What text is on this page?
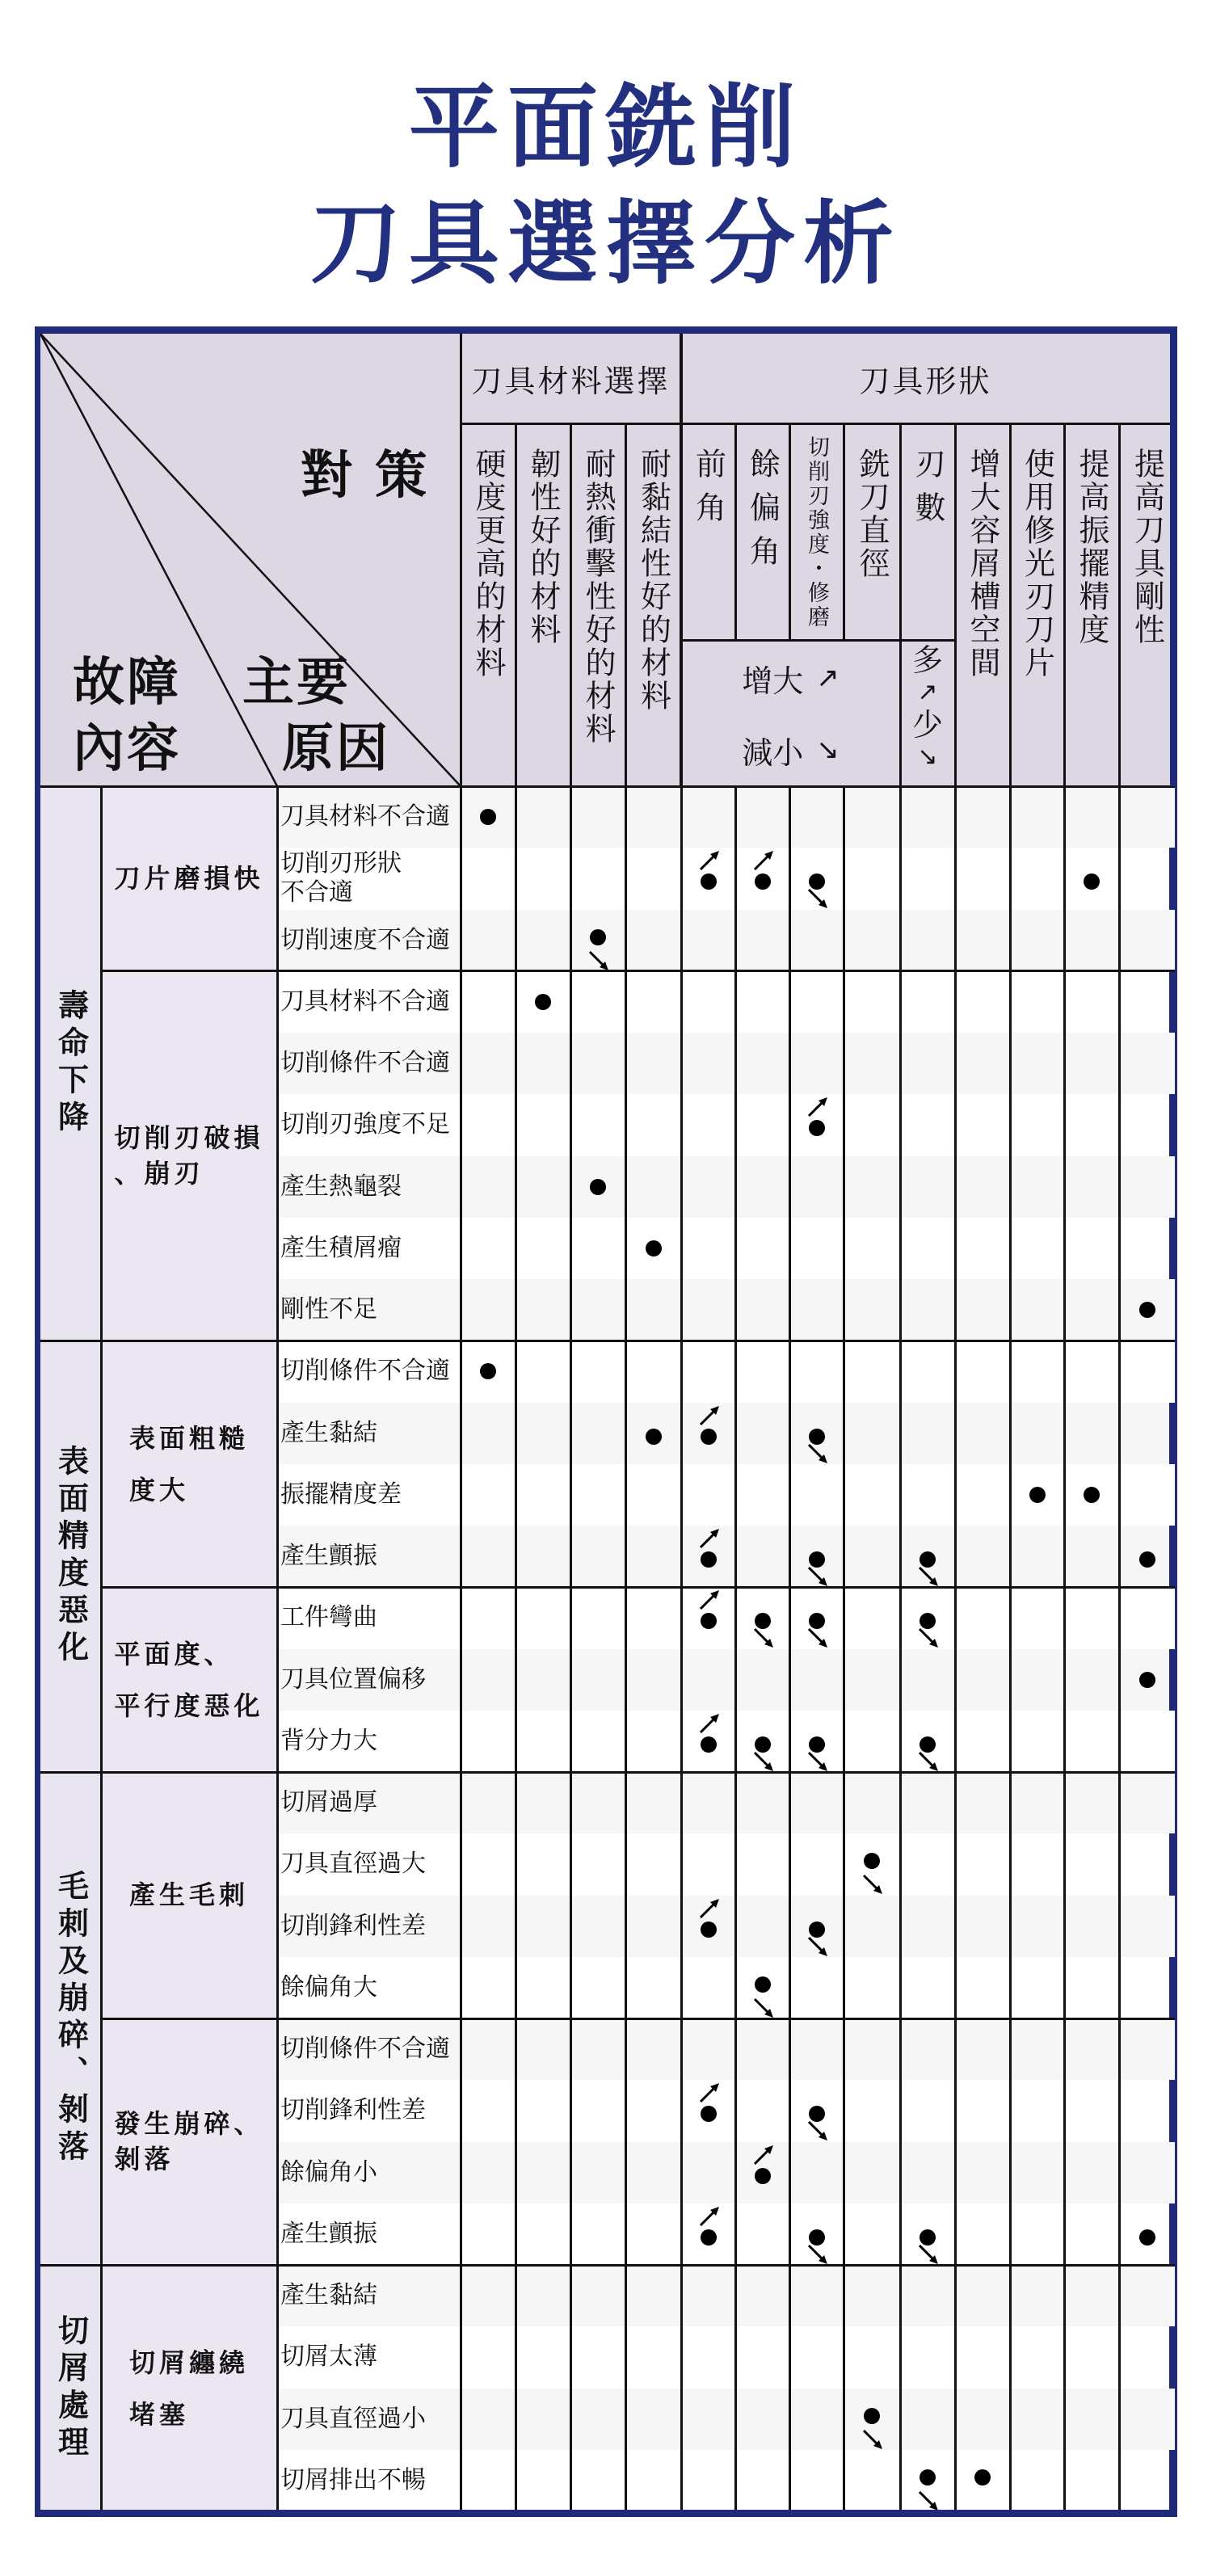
平面銑削
刀具選擇分析
刀具材料不合適
切削刃形狀
不合適
切削速度不合適
刀具材料不合適
切削條件不合適
切削刃強度不足
產生熱龜裂
產生積屑瘤
剛性不足
切削條件不合適
產生黏結
振擺精度差
產生顫振
工件彎曲
刀具位置偏移
背分力大
切屑過厚
刀具直徑過大
切削鋒利性差
餘偏角大
切削條件不合適
切削鋒利性差
餘偏角小
產生顫振
產生黏結
切屑太薄
刀具直徑過小
切屑排出不暢
對 策
故障
內容
主要
原因
刀具材料選擇	刀具形狀
硬度更高的材料 韌性好的材料 耐熱衝擊性好的材料 耐黏結性好的材料 前角 餘偏角 切削刃強度・修磨 銑刀直徑 刃數 增大容屑槽空間 使用修光刃刀片 提高振擺精度 提高刀具剛性
增大 ↗
減小 ↘
多
↗
少
↘
刀片磨損快
切削刃破損
、崩刃
壽命下降
表面粗糙
度大
平面度、
平行度惡化
表面精度惡化
產生毛刺
發生崩碎、
剝落
毛刺及崩碎、剝落
切屑纏繞
堵塞
切屑處理
